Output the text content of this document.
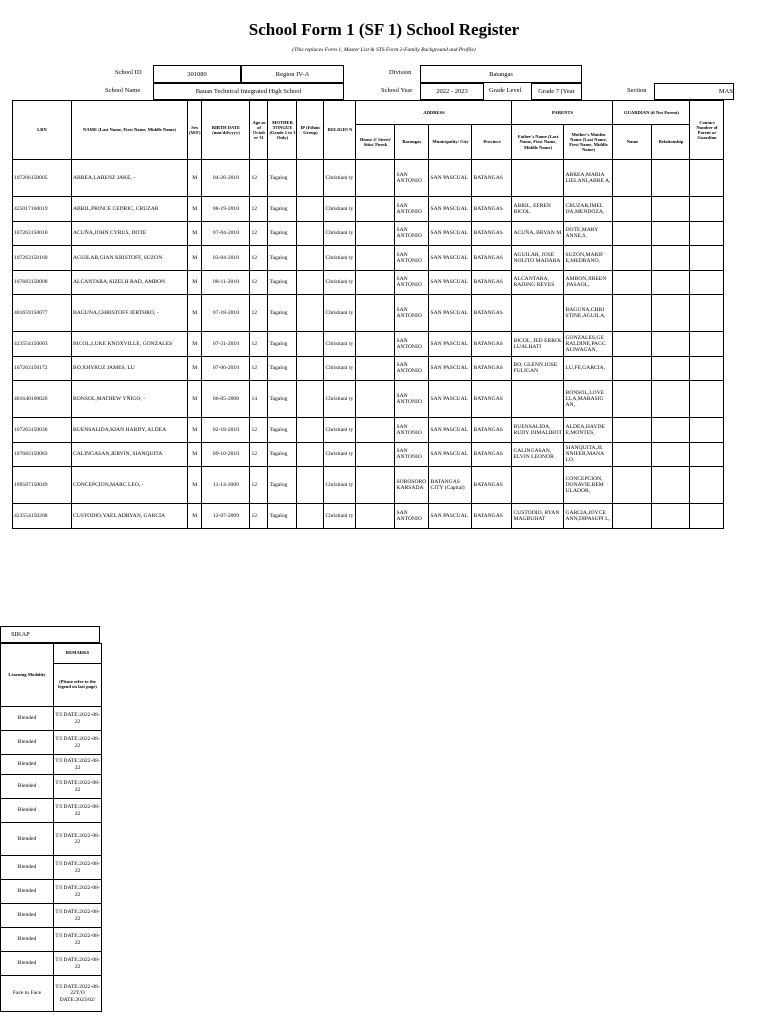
School Form 1 (SF 1) School Register
(This replaces Form 1, Master List & STS Form 2-Family Background and Profile)
School ID	301080	Region IV-A	Division	Batangas
School Name	Bauan Technical Integrated High School	School Year	2022 - 2023	Grade Level	Grade 7 (Year	Section	MAS
LRN	NAME (Last Name, First Name, Middle Name)	Sex (M/F)	BIRTH DATE (mm/dd/yyyy)	Age as of Octob er 31	MOTHER TONGUE (Grade 1 to 3 Only)	IP (Ethnic Group)	RELIGIO N	ADDRESS				PARENTS		GUARDIAN (if Not Parent)		Contact Number of Parent or Guardian
								House #/ Street/ Sitio/ Purok	Barangay	Municipality/ City	Province	Father's Name (Last Name, First Name, Middle Name)	Mother's Maiden Name (Last Name, First Name, Middle Name)	Name	Relationship	
107266150005	ABREA,LARENZ JAKE, -	M	04-26-2010	12	Tagalog		Christiani ty		SAN ANTONIO	SAN PASCUAL	BATANGAS		ABREA,MARIA LIELANI,ABRE A,			
425017160019	ABRIL,PRINCE CEDRIC, CRUZAR	M	08-19-2010	12	Tagalog		Christiani ty		SAN ANTONIO	SAN PASCUAL	BATANGAS	ABRIL, EFREN BICOL	CRUZAR,IMEL DA,MENDOZA,			
107263150010	ACUÑA,JOHN CYRUS, DOTE	M	07-04-2010	12	Tagalog		Christiani ty		SAN ANTONIO	SAN PASCUAL	BATANGAS	ACUÑA, BRYAN M	DOTE,MARY ANNE,S,			
107263150160	AGUILAR,GIAN KRISTOFF, SUZON	M	03-04-2010	12	Tagalog		Christiani ty		SAN ANTONIO	SAN PASCUAL	BATANGAS	AGUILAR, JOSE NOLITO MADARA	SUZON,MARIF E,MEDRANO,			
107683150008	ALCANTARA,AIZELH RAD, AMBON	M	08-11-2010	12	Tagalog		Christiani ty		SAN ANTONIO	SAN PASCUAL	BATANGAS	ALCANTARA, RADING REYES	AMBON,JIREEN ,PASAOL,			
401659150077	BAGUNA,CHRISTOFF JERTHRO, -	M	07-18-2010	12	Tagalog		Christiani ty		SAN ANTONIO	SAN PASCUAL	BATANGAS		BAGUNA,CHRI STINE,AGUILA,			
423554150003	BICOL,LUKE KNOXVILLE, GONZALES	M	07-31-2010	12	Tagalog		Christiani ty		SAN ANTONIO	SAN PASCUAL	BATANGAS	BICOL, JED ERROL LUALHATI	GONZALES,GE RALDINE,PAGC ALIWAGAN,			
107263150172	BO,XHYRUZ JAMES, LU	M	07-06-2010	12	Tagalog		Christiani ty		SAN ANTONIO	SAN PASCUAL	BATANGAS	BO, GLENN JOSE FULIGAN	LU,FE,GARCIA,			
401640160026	BONSOL,MATHEW YÑIGO, -	M	06-05-2008	14	Tagalog		Christiani ty		SAN ANTONIO	SAN PASCUAL	BATANGAS		BONSOL,LOVE LLA,MARASIG AN,			
107263150036	BUENSALIDA,KIAN HARDY, ALDEA	M	02-18-2010	12	Tagalog		Christiani ty		SAN ANTONIO	SAN PASCUAL	BATANGAS	BUENSALIDA, RUDY DIMALIBOT	ALDEA,HAYDE E,MONTES,			
107683150083	CALINGASAN,JERVIN, SIANQUITA	M	09-10-2010	12	Tagalog		Christiani ty		SAN ANTONIO	SAN PASCUAL	BATANGAS	CALINGASAN, ELVIN LEONOR	SIANQUITA,JE NNIFER,MANA LO,			
109587150049	CONCEPCION,MARC LEO, -	M	11-14-2009	12	Tagalog		Christiani ty		SOROSORO KARSADA	BATANGAS CITY (Capital)	BATANGAS		CONCEPCION, DONAVIE,REM ULADOR,			
423554150208	CUSTODIO,YAEL ADRYAN, GARCIA	M	12-07-2009	12	Tagalog		Christiani ty		SAN ANTONIO	SAN PASCUAL	BATANGAS	CUSTODIO, RYAN MAGBUHAT	GARCIA,JOYCE ANN,DIPASUPI L,			
SIKAP
Learning Modality	REMARKS
	(Please refer to the legend on last page)
Blended	T/I DATE:2022-08-22
Blended	T/I DATE:2022-08-22
Blended	T/I DATE:2022-08-22
Blended	T/I DATE:2022-08-22
Blended	T/I DATE:2022-08-22
Blended	T/I DATE:2022-08-22
Blended	T/I DATE:2022-08-22
Blended	T/I DATE:2022-08-22
Blended	T/I DATE:2022-08-22
Blended	T/I DATE:2022-08-22
Blended	T/I DATE:2022-08-22
Face to Face	T/I DATE:2022-08-22T/O DATE:2023/02/
